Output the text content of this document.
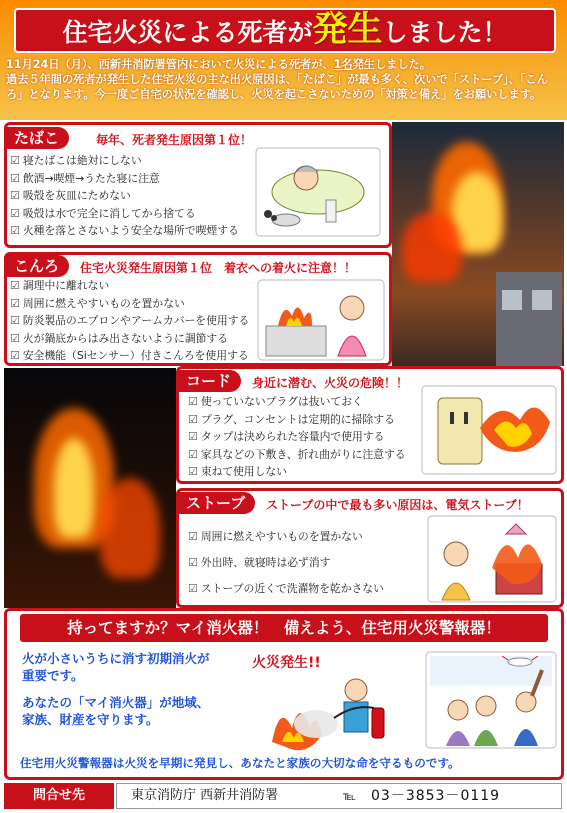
住宅火災による死者が発生しました！
11月24日（月）、西新井消防署管内において火災による死者が、1名発生しました。
過去５年間の死者が発生した住宅火災の主な出火原因は、「たばこ」が最も多く、次いで「ストーブ」、「こんろ」となります。今一度ご自宅の状況を確認し、火災を起こさないための「対策と備え」をお願いします。
たばこ	毎年、死者発生原因第１位！
☑ 寝たばこは絶対にしない
☑ 飲酒→喫煙→うたた寝に注意
☑ 吸殻を灰皿にためない
☑ 吸殻は水で完全に消してから捨てる
☑ 火種を落とさないよう安全な場所で喫煙する
こんろ	住宅火災発生原因第１位　着衣への着火に注意！！
☑ 調理中に離れない
☑ 周囲に燃えやすいものを置かない
☑ 防炎製品のエプロンやアームカバーを使用する
☑ 火が鍋底からはみ出さないように調節する
☑ 安全機能（Siセンサー）付きこんろを使用する
コード	身近に潜む、火災の危険！！
☑ 使っていないプラグは抜いておく
☑ プラグ、コンセントは定期的に掃除する
☑ タップは決められた容量内で使用する
☑ 家具などの下敷き、折れ曲がりに注意する
☑ 束ねて使用しない
ストーブ	ストーブの中で最も多い原因は、電気ストーブ！
☑ 周囲に燃えやすいものを置かない
☑ 外出時、就寝時は必ず消す
☑ ストーブの近くで洗濯物を乾かさない
持ってますか？マイ消火器！　備えよう、住宅用火災警報器！
火が小さいうちに消す初期消火が重要です。
あなたの「マイ消火器」が地域、家族、財産を守ります。
火災発生!!
住宅用火災警報器は火災を早期に発見し、あなたと家族の大切な命を守るものです。
問合せ先	東京消防庁 西新井消防署	℡ 03－3853－0119
